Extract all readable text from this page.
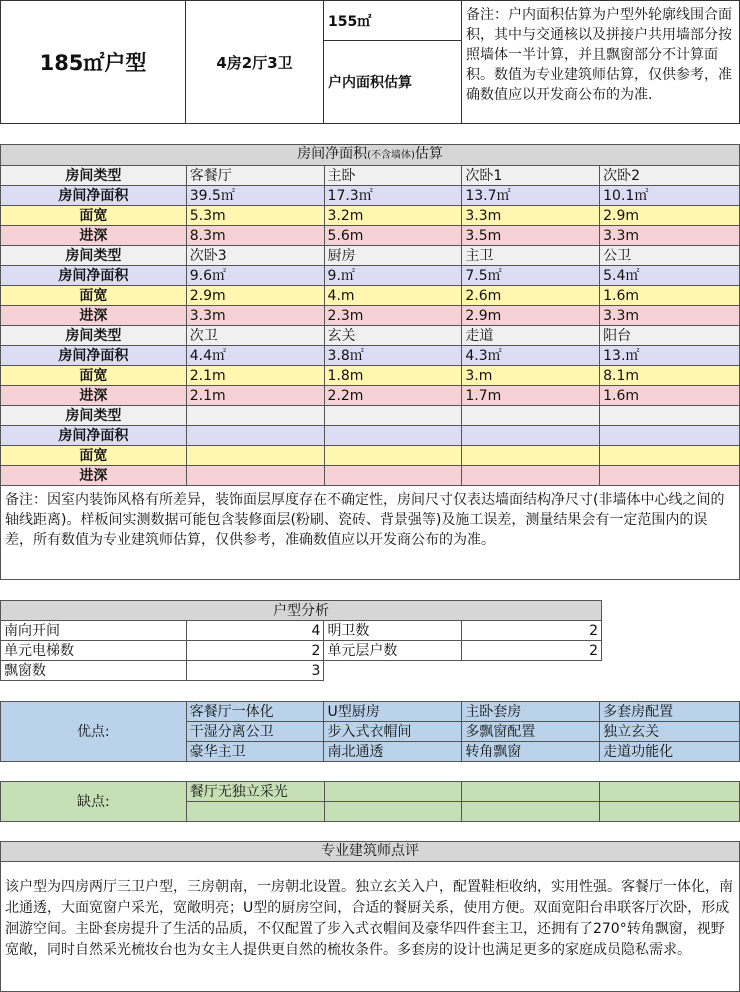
185㎡户型	4房2厅3卫
155㎡
户内面积估算
备注：户内面积估算为户型外轮廓线围合面积，其中与交通核以及拼接户共用墙部分按照墙体一半计算，并且飘窗部分不计算面积。数值为专业建筑师估算，仅供参考，准确数值应以开发商公布的为准.
房间净面积(不含墙体)估算				
房间类型	客餐厅	主卧	次卧1	次卧2
房间净面积	39.5㎡	17.3㎡	13.7㎡	10.1㎡
面宽	5.3m	3.2m	3.3m	2.9m
进深	8.3m	5.6m	3.5m	3.3m
房间类型	次卧3	厨房	主卫	公卫
房间净面积	9.6㎡	9.㎡	7.5㎡	5.4㎡
面宽	2.9m	4.m	2.6m	1.6m
进深	3.3m	2.3m	2.9m	3.3m
房间类型	次卫	玄关	走道	阳台
房间净面积	4.4㎡	3.8㎡	4.3㎡	13.㎡
面宽	2.1m	1.8m	3.m	8.1m
进深	2.1m	2.2m	1.7m	1.6m
房间类型				
房间净面积				
面宽				
进深				
备注：因室内装饰风格有所差异，装饰面层厚度存在不确定性，房间尺寸仅表达墙面结构净尺寸(非墙体中心线之间的轴线距离)。样板间实测数据可能包含装修面层(粉刷、瓷砖、背景强等)及施工误差，测量结果会有一定范围内的误差，所有数值为专业建筑师估算，仅供参考，准确数值应以开发商公布的为准。
户型分析			
南向开间	4	明卫数	2
单元电梯数	2	单元层户数	2
飘窗数	3		
优点:	客餐厅一体化	U型厨房	主卧套房	多套房配置
	干湿分离公卫	步入式衣帽间	多飘窗配置	独立玄关
	豪华主卫	南北通透	转角飘窗	走道功能化
缺点:	餐厅无独立采光			

专业建筑师点评
该户型为四房两厅三卫户型，三房朝南，一房朝北设置。独立玄关入户，配置鞋柜收纳，实用性强。客餐厅一体化，南北通透，大面宽窗户采光，宽敞明亮；U型的厨房空间，合适的餐厨关系，使用方便。双面宽阳台串联客厅次卧，形成洄游空间。主卧套房提升了生活的品质，不仅配置了步入式衣帽间及豪华四件套主卫，还拥有了270°转角飘窗，视野宽敞，同时自然采光梳妆台也为女主人提供更自然的梳妆条件。多套房的设计也满足更多的家庭成员隐私需求。
